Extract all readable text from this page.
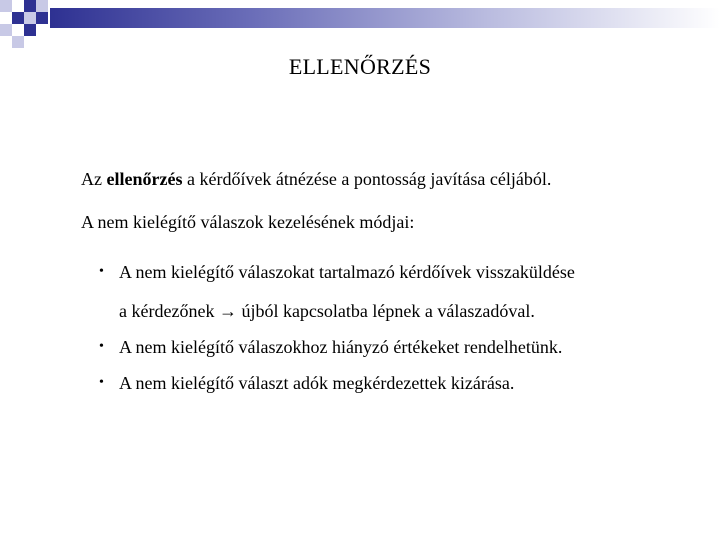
ELLENŐRZÉS

Az ellenőrzés a kérdőívek átnézése a pontosság javítása céljából.

A nem kielégítő válaszok kezelésének módjai:

• A nem kielégítő válaszokat tartalmazó kérdőívek visszaküldése
a kérdezőnek → újból kapcsolatba lépnek a válaszadóval.
• A nem kielégítő válaszokhoz hiányzó értékeket rendelhetünk.
• A nem kielégítő választ adók megkérdezettek kizárása.
